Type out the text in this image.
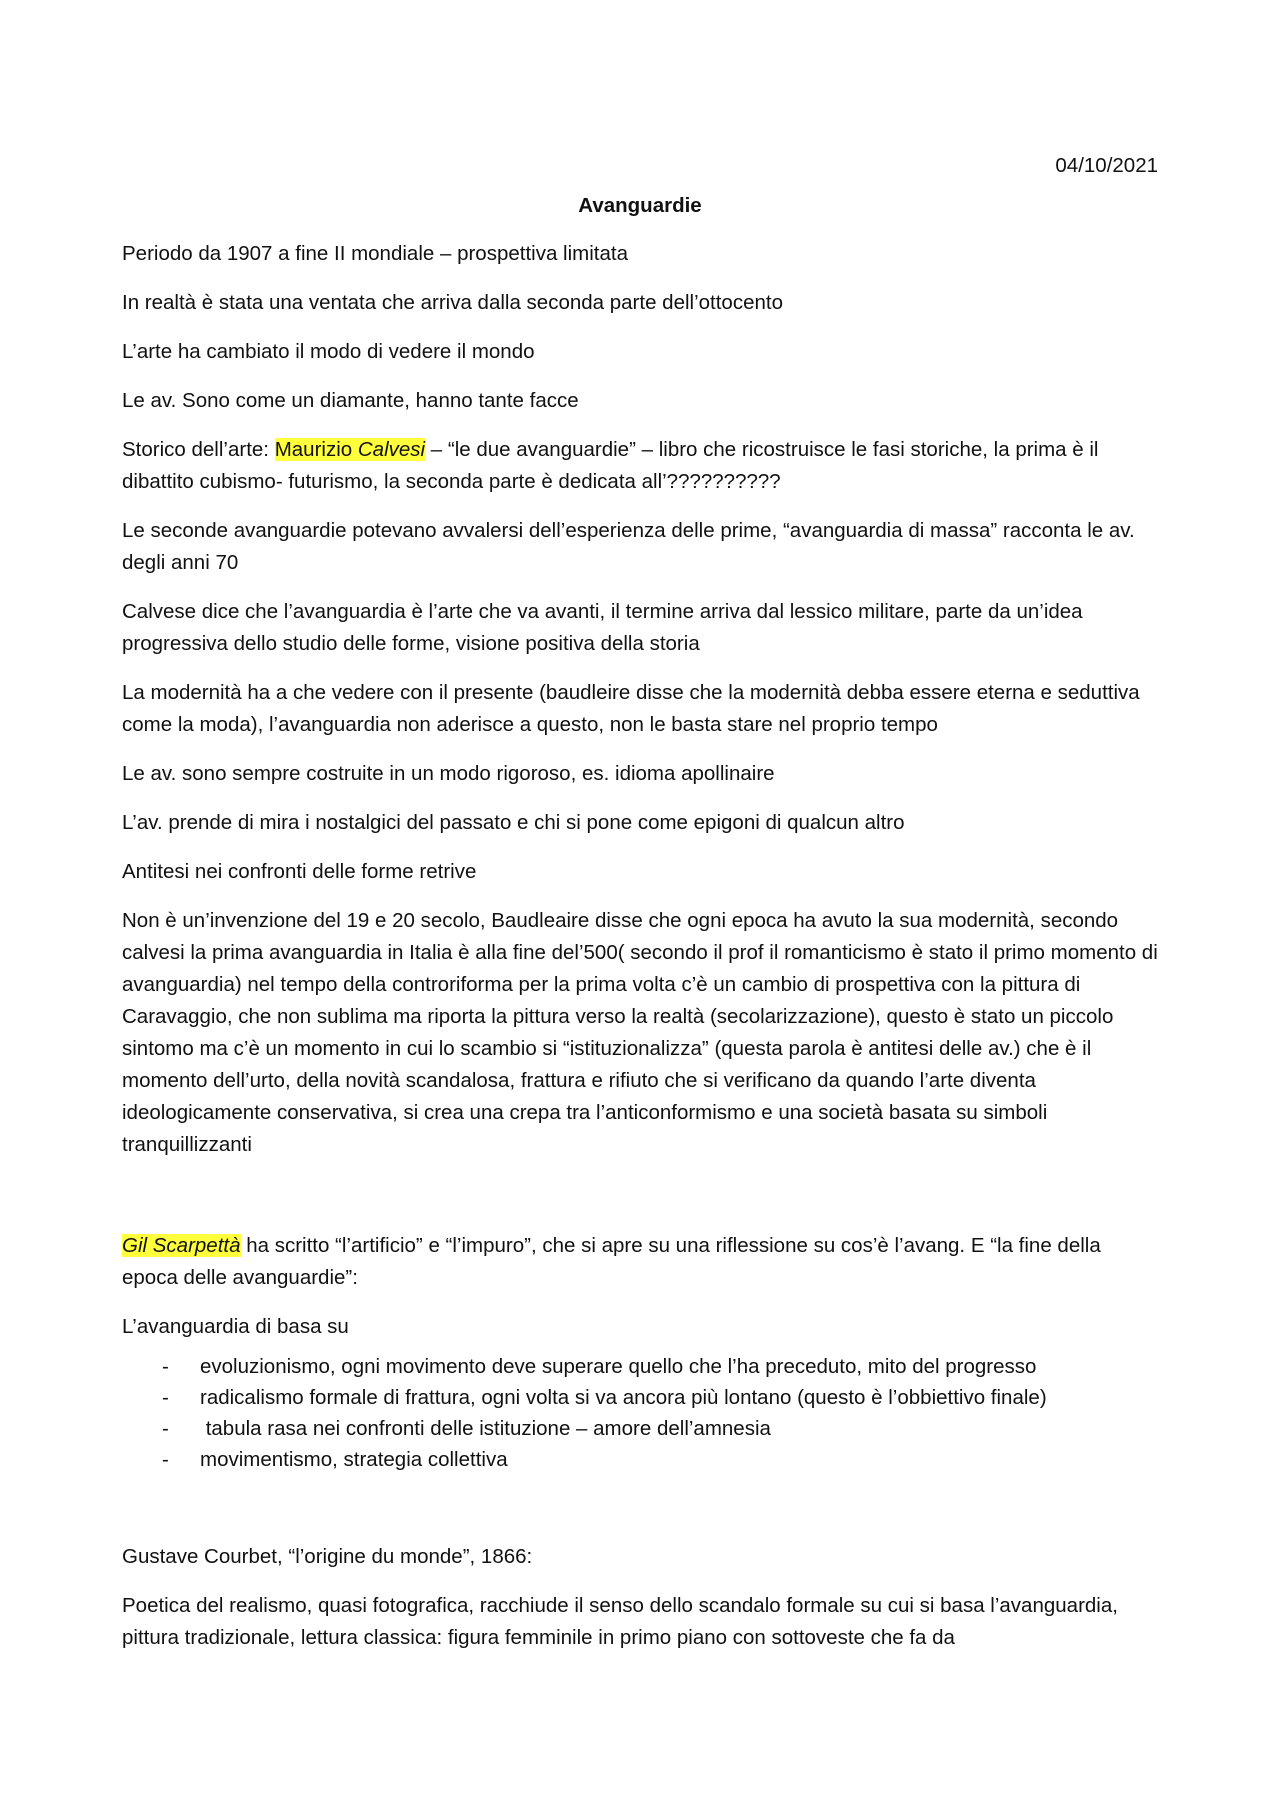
04/10/2021
Avanguardie

Periodo da 1907 a fine II mondiale – prospettiva limitata

In realtà è stata una ventata che arriva dalla seconda parte dell’ottocento

L’arte ha cambiato il modo di vedere il mondo

Le av. Sono come un diamante, hanno tante facce

Storico dell’arte: Maurizio Calvesi – “le due avanguardie” – libro che ricostruisce le fasi storiche, la prima è il dibattito cubismo- futurismo, la seconda parte è dedicata all’??????????

Le seconde avanguardie potevano avvalersi dell’esperienza delle prime, “avanguardia di massa” racconta le av. degli anni 70

Calvese dice che l’avanguardia è l’arte che va avanti, il termine arriva dal lessico militare, parte da un’idea progressiva dello studio delle forme, visione positiva della storia

La modernità ha a che vedere con il presente (baudleire disse che la modernità debba essere eterna e seduttiva come la moda), l’avanguardia non aderisce a questo, non le basta stare nel proprio tempo

Le av. sono sempre costruite in un modo rigoroso, es. idioma apollinaire

L’av. prende di mira i nostalgici del passato e chi si pone come epigoni di qualcun altro

Antitesi nei confronti delle forme retrive

Non è un’invenzione del 19 e 20 secolo, Baudleaire disse che ogni epoca ha avuto la sua modernità, secondo calvesi la prima avanguardia in Italia è alla fine del’500( secondo il prof il romanticismo è stato il primo momento di avanguardia) nel tempo della controriforma per la prima volta c’è un cambio di prospettiva con la pittura di Caravaggio, che non sublima ma riporta la pittura verso la realtà (secolarizzazione), questo è stato un piccolo sintomo ma c’è un momento in cui lo scambio si “istituzionalizza” (questa parola è antitesi delle av.) che è il momento dell’urto, della novità scandalosa, frattura e rifiuto che si verificano da quando l’arte diventa ideologicamente conservativa, si crea una crepa tra l’anticonformismo e una società basata su simboli tranquillizzanti

Gil Scarpettà ha scritto “l’artificio” e “l’impuro”, che si apre su una riflessione su cos’è l’avang. E “la fine della epoca delle avanguardie”:

L’avanguardia di basa su

- evoluzionismo, ogni movimento deve superare quello che l’ha preceduto, mito del progresso
- radicalismo formale di frattura, ogni volta si va ancora più lontano (questo è l’obbiettivo finale)
- tabula rasa nei confronti delle istituzione – amore dell’amnesia
- movimentismo, strategia collettiva

Gustave Courbet, “l’origine du monde”, 1866:

Poetica del realismo, quasi fotografica, racchiude il senso dello scandalo formale su cui si basa l’avanguardia, pittura tradizionale, lettura classica: figura femminile in primo piano con sottoveste che fa da
